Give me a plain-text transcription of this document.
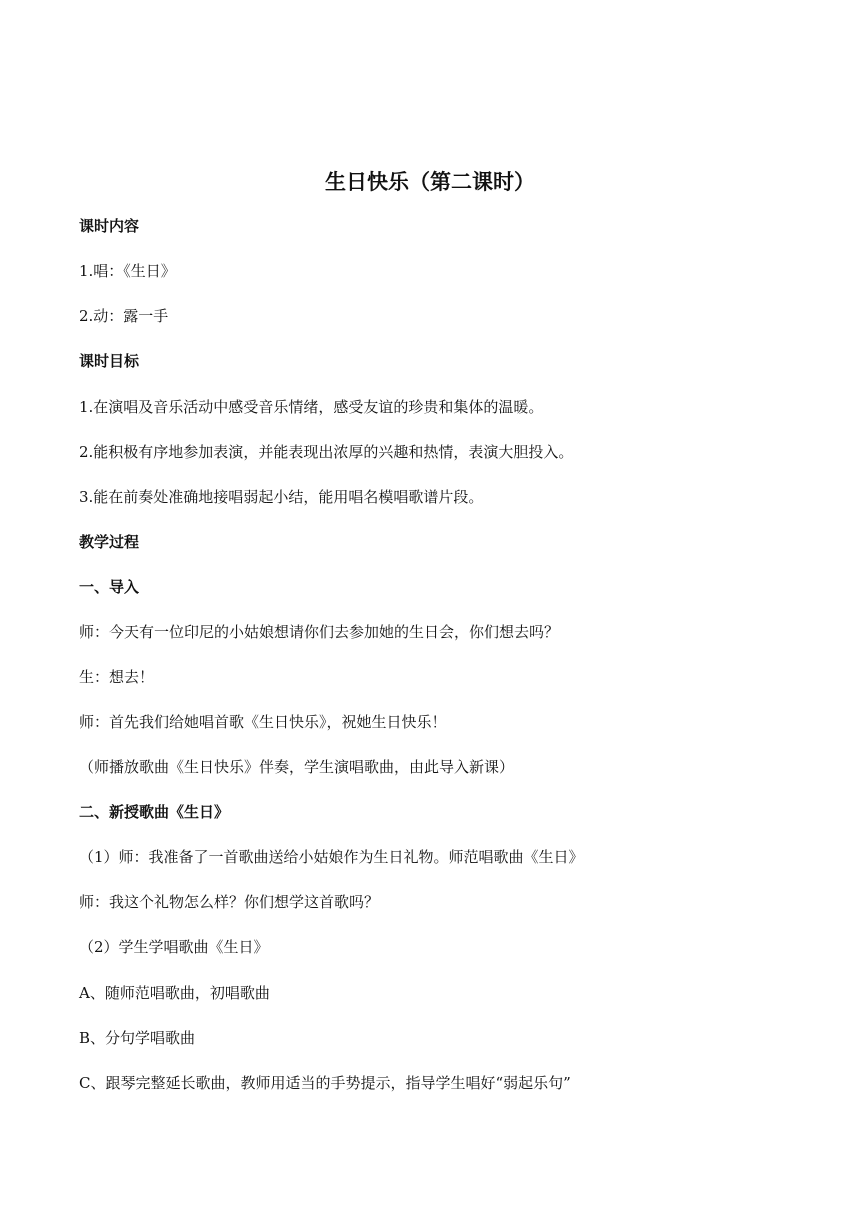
生日快乐（第二课时）
课时内容
1.唱：《生日》
2.动：露一手
课时目标
1.在演唱及音乐活动中感受音乐情绪，感受友谊的珍贵和集体的温暖。
2.能积极有序地参加表演，并能表现出浓厚的兴趣和热情，表演大胆投入。
3.能在前奏处准确地接唱弱起小结，能用唱名模唱歌谱片段。
教学过程
一、导入
师：今天有一位印尼的小姑娘想请你们去参加她的生日会，你们想去吗？
生：想去！
师：首先我们给她唱首歌《生日快乐》，祝她生日快乐！
（师播放歌曲《生日快乐》伴奏，学生演唱歌曲，由此导入新课）
二、新授歌曲《生日》
（1）师：我准备了一首歌曲送给小姑娘作为生日礼物。师范唱歌曲《生日》
师：我这个礼物怎么样？你们想学这首歌吗？
（2）学生学唱歌曲《生日》
A、随师范唱歌曲，初唱歌曲
B、分句学唱歌曲
C、跟琴完整延长歌曲，教师用适当的手势提示，指导学生唱好“弱起乐句”
